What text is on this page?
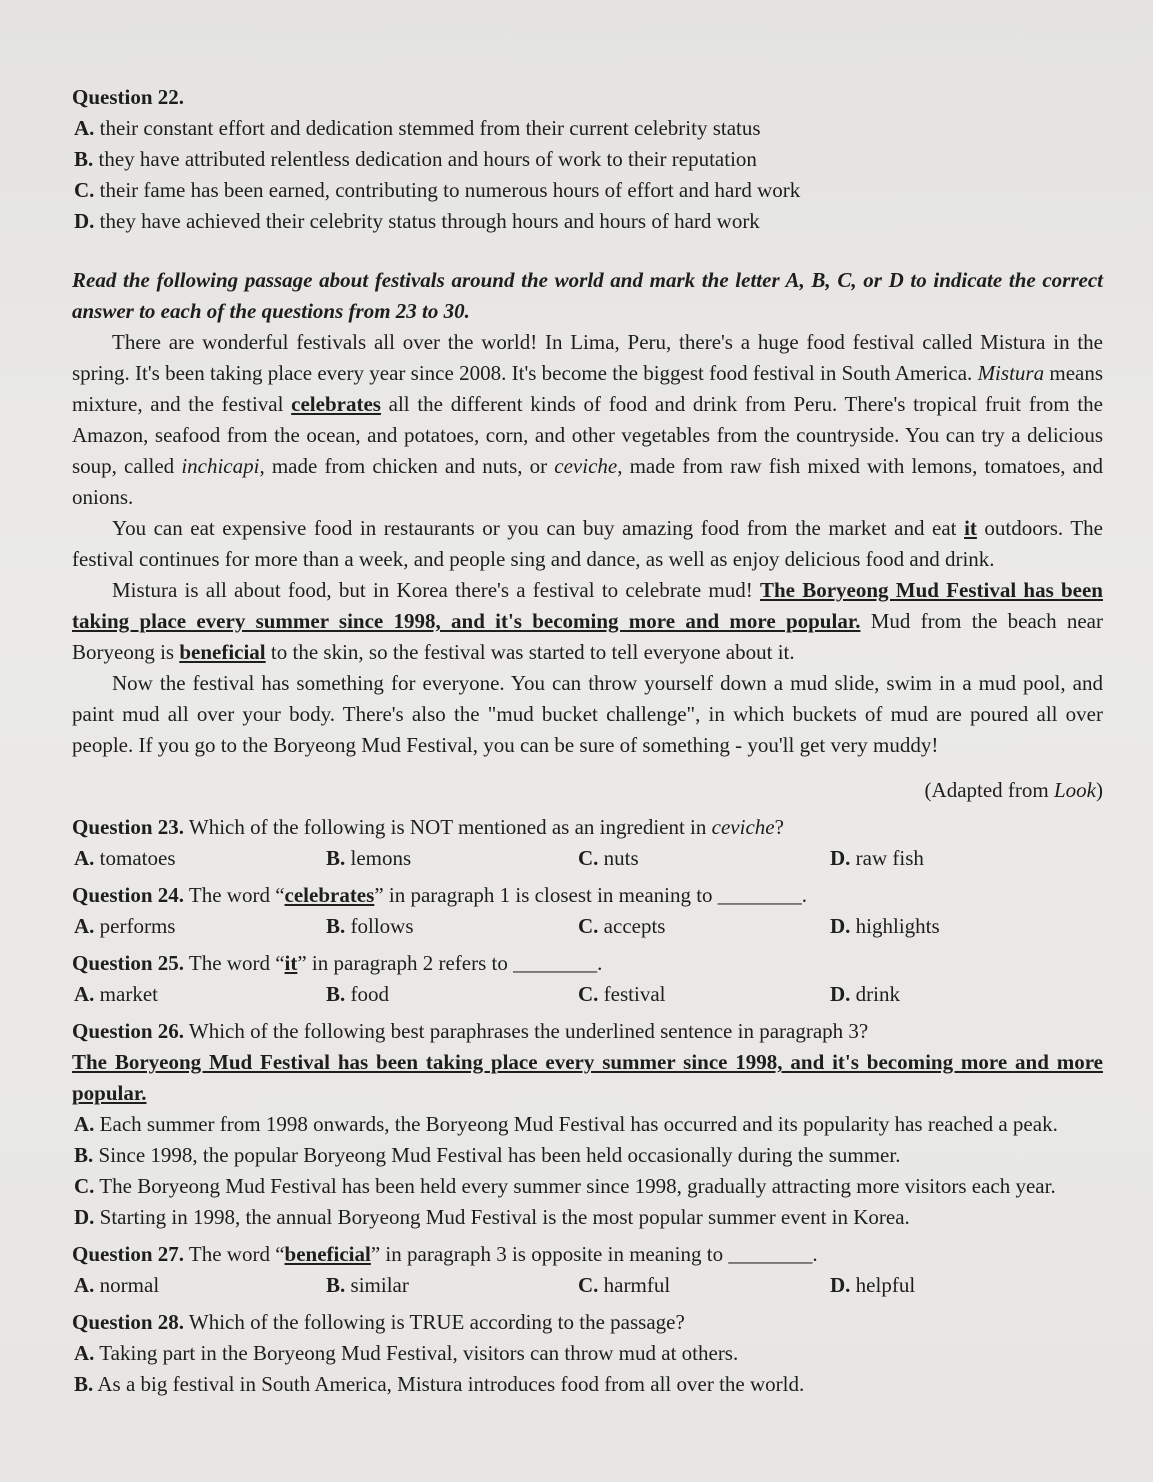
Question 22.
A. their constant effort and dedication stemmed from their current celebrity status
B. they have attributed relentless dedication and hours of work to their reputation
C. their fame has been earned, contributing to numerous hours of effort and hard work
D. they have achieved their celebrity status through hours and hours of hard work
Read the following passage about festivals around the world and mark the letter A, B, C, or D to indicate the correct answer to each of the questions from 23 to 30.

There are wonderful festivals all over the world! In Lima, Peru, there's a huge food festival called Mistura in the spring. It's been taking place every year since 2008. It's become the biggest food festival in South America. Mistura means mixture, and the festival celebrates all the different kinds of food and drink from Peru. There's tropical fruit from the Amazon, seafood from the ocean, and potatoes, corn, and other vegetables from the countryside. You can try a delicious soup, called inchicapi, made from chicken and nuts, or ceviche, made from raw fish mixed with lemons, tomatoes, and onions.

You can eat expensive food in restaurants or you can buy amazing food from the market and eat it outdoors. The festival continues for more than a week, and people sing and dance, as well as enjoy delicious food and drink.

Mistura is all about food, but in Korea there's a festival to celebrate mud! The Boryeong Mud Festival has been taking place every summer since 1998, and it's becoming more and more popular. Mud from the beach near Boryeong is beneficial to the skin, so the festival was started to tell everyone about it.

Now the festival has something for everyone. You can throw yourself down a mud slide, swim in a mud pool, and paint mud all over your body. There's also the "mud bucket challenge", in which buckets of mud are poured all over people. If you go to the Boryeong Mud Festival, you can be sure of something - you'll get very muddy!

(Adapted from Look)
Question 23. Which of the following is NOT mentioned as an ingredient in ceviche?
A. tomatoes	B. lemons	C. nuts	D. raw fish
Question 24. The word “celebrates” in paragraph 1 is closest in meaning to ________.
A. performs	B. follows	C. accepts	D. highlights
Question 25. The word “it” in paragraph 2 refers to ________.
A. market	B. food	C. festival	D. drink
Question 26. Which of the following best paraphrases the underlined sentence in paragraph 3?
The Boryeong Mud Festival has been taking place every summer since 1998, and it's becoming more and more popular.
A. Each summer from 1998 onwards, the Boryeong Mud Festival has occurred and its popularity has reached a peak.
B. Since 1998, the popular Boryeong Mud Festival has been held occasionally during the summer.
C. The Boryeong Mud Festival has been held every summer since 1998, gradually attracting more visitors each year.
D. Starting in 1998, the annual Boryeong Mud Festival is the most popular summer event in Korea.
Question 27. The word “beneficial” in paragraph 3 is opposite in meaning to ________.
A. normal	B. similar	C. harmful	D. helpful
Question 28. Which of the following is TRUE according to the passage?
A. Taking part in the Boryeong Mud Festival, visitors can throw mud at others.
B. As a big festival in South America, Mistura introduces food from all over the world.
